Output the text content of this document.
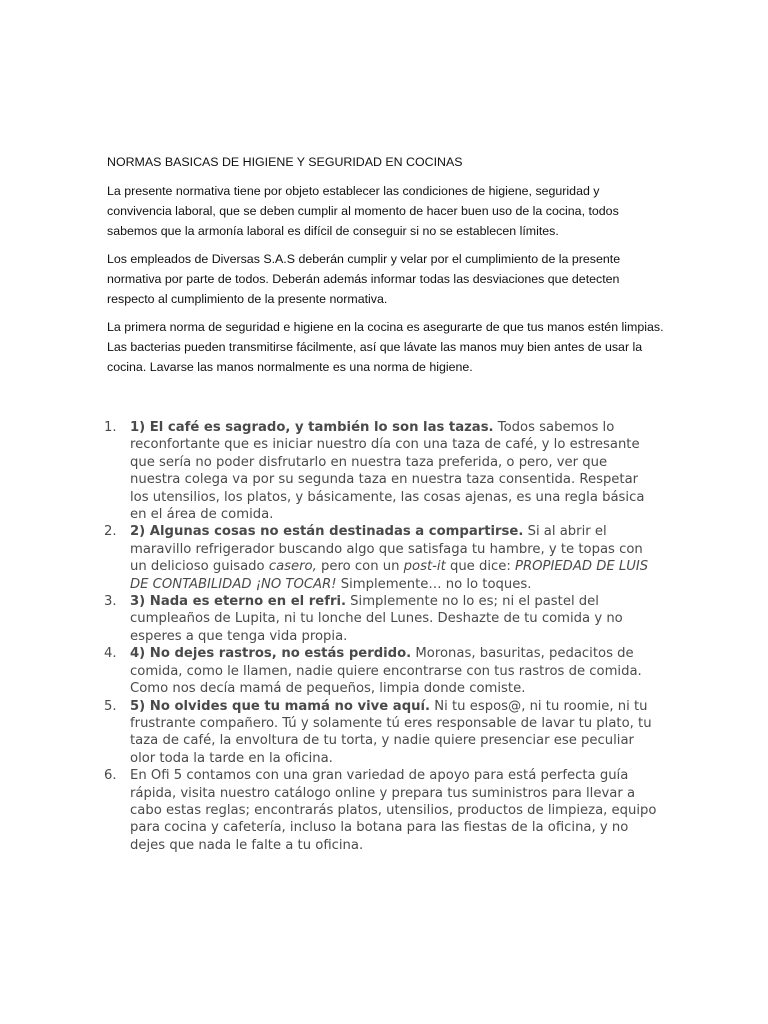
NORMAS BASICAS DE HIGIENE Y SEGURIDAD EN COCINAS

La presente normativa tiene por objeto establecer las condiciones de higiene, seguridad y convivencia laboral, que se deben cumplir al momento de hacer buen uso de la cocina, todos sabemos que la armonía laboral es difícil de conseguir si no se establecen límites.

Los empleados de Diversas S.A.S deberán cumplir y velar por el cumplimiento de la presente normativa por parte de todos. Deberán además informar todas las desviaciones que detecten respecto al cumplimiento de la presente normativa.

La primera norma de seguridad e higiene en la cocina es asegurarte de que tus manos estén limpias. Las bacterias pueden transmitirse fácilmente, así que lávate las manos muy bien antes de usar la cocina. Lavarse las manos normalmente es una norma de higiene.

1. 1) El café es sagrado, y también lo son las tazas. Todos sabemos lo reconfortante que es iniciar nuestro día con una taza de café, y lo estresante que sería no poder disfrutarlo en nuestra taza preferida, o pero, ver que nuestra colega va por su segunda taza en nuestra taza consentida. Respetar los utensilios, los platos, y básicamente, las cosas ajenas, es una regla básica en el área de comida.
2. 2) Algunas cosas no están destinadas a compartirse. Si al abrir el maravillo refrigerador buscando algo que satisfaga tu hambre, y te topas con un delicioso guisado casero, pero con un post-it que dice: PROPIEDAD DE LUIS DE CONTABILIDAD ¡NO TOCAR! Simplemente… no lo toques.
3. 3) Nada es eterno en el refri. Simplemente no lo es; ni el pastel del cumpleaños de Lupita, ni tu lonche del Lunes. Deshazte de tu comida y no esperes a que tenga vida propia.
4. 4) No dejes rastros, no estás perdido. Moronas, basuritas, pedacitos de comida, como le llamen, nadie quiere encontrarse con tus rastros de comida. Como nos decía mamá de pequeños, limpia donde comiste.
5. 5) No olvides que tu mamá no vive aquí. Ni tu espos@, ni tu roomie, ni tu frustrante compañero. Tú y solamente tú eres responsable de lavar tu plato, tu taza de café, la envoltura de tu torta, y nadie quiere presenciar ese peculiar olor toda la tarde en la oficina.
6. En Ofi 5 contamos con una gran variedad de apoyo para está perfecta guía rápida, visita nuestro catálogo online y prepara tus suministros para llevar a cabo estas reglas; encontrarás platos, utensilios, productos de limpieza, equipo para cocina y cafetería, incluso la botana para las fiestas de la oficina, y no dejes que nada le falte a tu oficina.
